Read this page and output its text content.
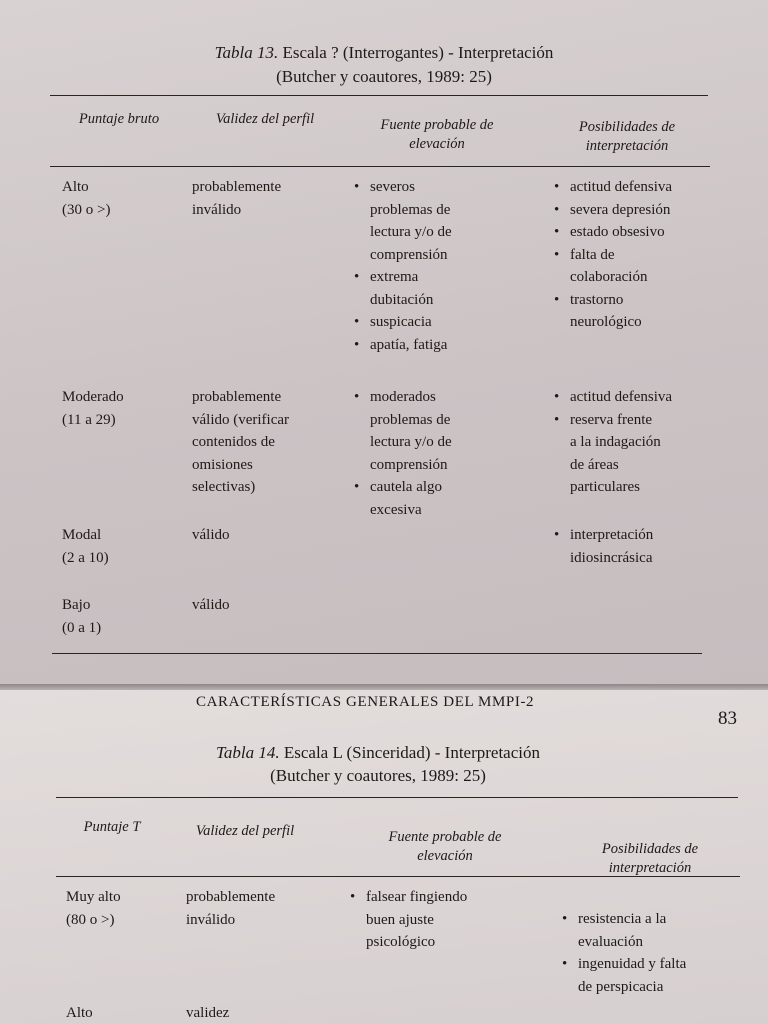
Tabla 13. Escala ? (Interrogantes) - Interpretación
(Butcher y coautores, 1989: 25)
Puntaje bruto	Validez del perfil	Fuente probable de elevación
Posibilidades de interpretación
Alto
(30 o >)
probablemente
inválido
• severos
problemas de
lectura y/o de
comprensión
• extrema
dubitación
• suspicacia
• apatía, fatiga
• actitud defensiva
• severa depresión
• estado obsesivo
• falta de
colaboración
• trastorno
neurológico
Moderado
(11 a 29)
probablemente
válido (verificar
contenidos de
omisiones
selectivas)
• moderados
problemas de
lectura y/o de
comprensión
• cautela algo
excesiva
• actitud defensiva
• reserva frente
a la indagación
de áreas
particulares
Modal
(2 a 10)
válido
•	interpretación
idiosincrásica
Bajo
(0 a 1)
válido
CARACTERÍSTICAS GENERALES DEL MMPI-2
83
Tabla 14. Escala L (Sinceridad) - Interpretación
(Butcher y coautores, 1989: 25)
Puntaje T	Validez del perfil	Fuente probable de elevación	Posibilidades de interpretación
Muy alto
(80 o >)
probablemente
inválido
• falsear fingiendo
buen ajuste
psicológico
• resistencia a la
evaluación
• ingenuidad y falta
de perspicacia
Alto	validez
